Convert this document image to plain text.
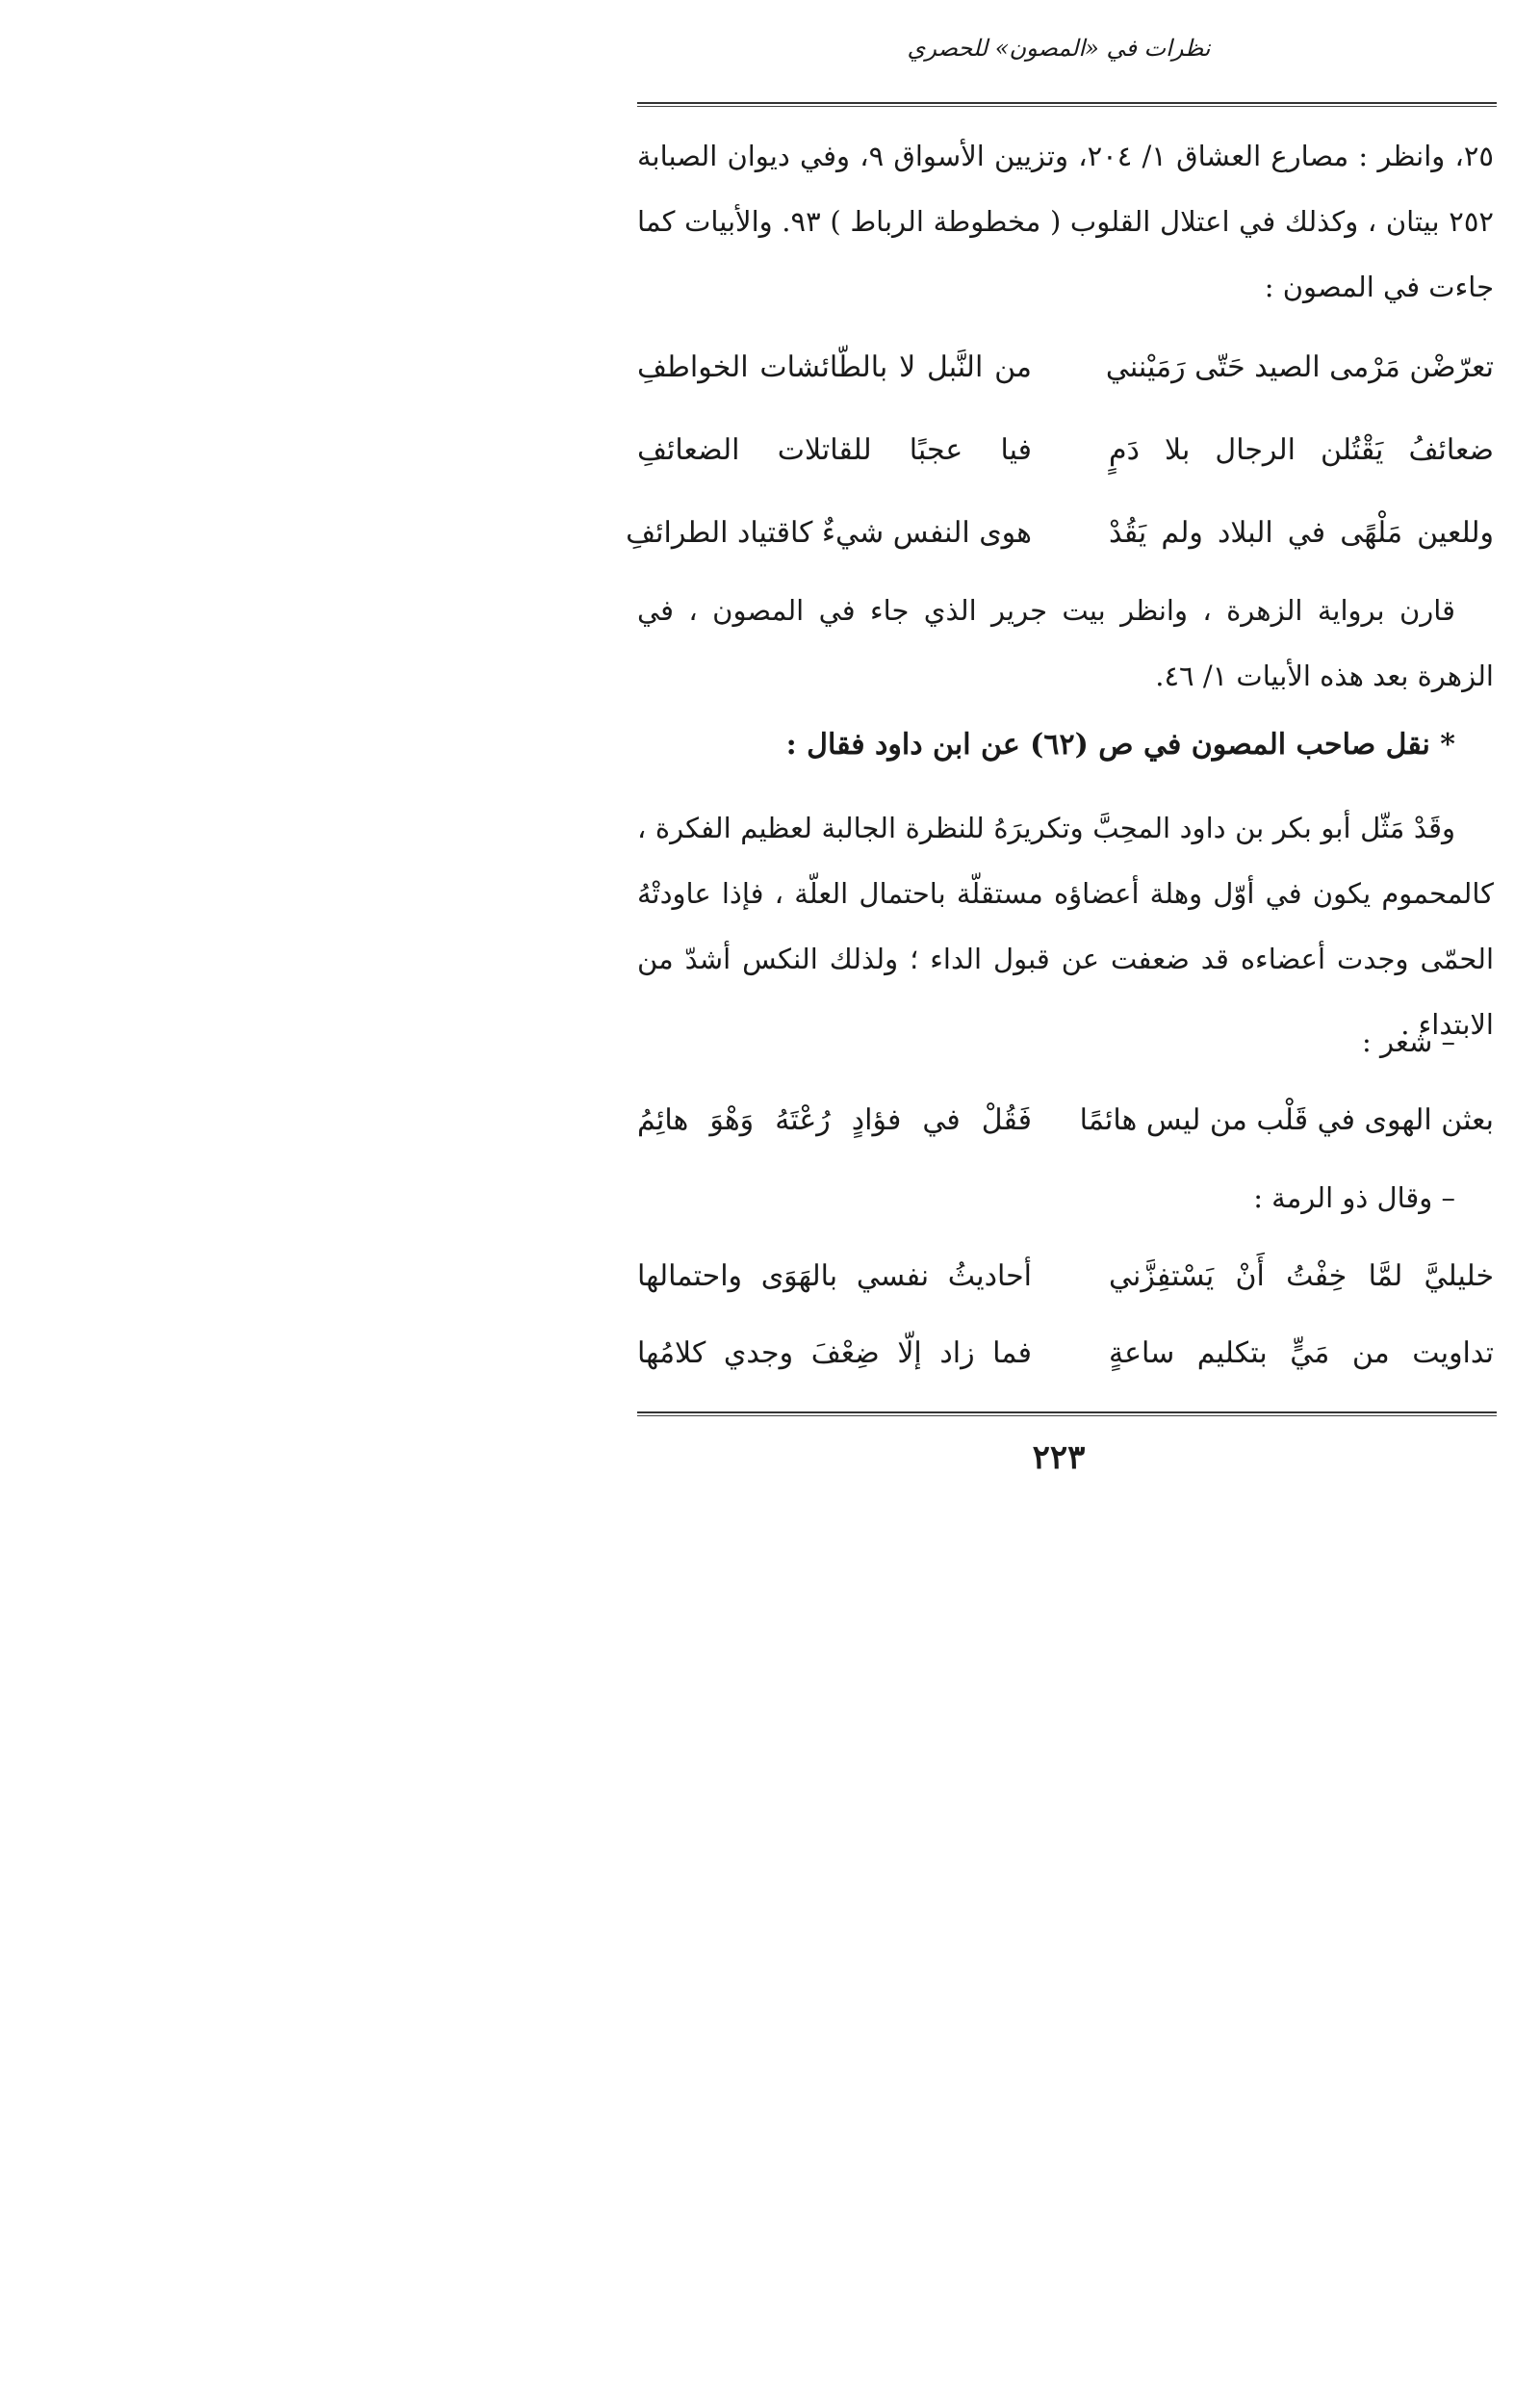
نظرات في «المصون» للحصري
٢٥، وانظر : مصارع العشاق ١/ ٢٠٤، وتزيين الأسواق ٩، وفي ديوان الصبابة ٢٥٢ بيتان ، وكذلك في اعتلال القلوب ( مخطوطة الرباط ) ٩٣. والأبيات كما جاءت في المصون :
تعرّضْن مَرْمى الصيد حَتّى رَمَيْنني
من النَّبل لا بالطّائشات الخواطفِ
ضعائفُ يَقْتُلن الرجال بلا دَمٍ
فيا عجبًا للقاتلات الضعائفِ
وللعين مَلْهًى في البلاد ولم يَقُدْ
هوى النفس شيءٌ كاقتياد الطرائفِ
قارن برواية الزهرة ، وانظر بيت جرير الذي جاء في المصون ، في الزهرة بعد هذه الأبيات ١/ ٤٦.
* نقل صاحب المصون في ص (٦٢) عن ابن داود فقال :
وقَدْ مَثّل أبو بكر بن داود المحِبَّ وتكريرَهُ للنظرة الجالبة لعظيم الفكرة ، كالمحموم يكون في أوّل وهلة أعضاؤه مستقلّة باحتمال العلّة ، فإذا عاودتْهُ الحمّى وجدت أعضاءه قد ضعفت عن قبول الداء ؛ ولذلك النكس أشدّ من الابتداء .
– شعر :
بعثن الهوى في قَلْب من ليس هائمًا
فَقُلْ في فؤادٍ رُعْتَهُ وَهْوَ هائِمُ
– وقال ذو الرمة :
خليليَّ لمَّا خِفْتُ أَنْ يَسْتفِزَّني
أحاديثُ نفسي بالهَوَى واحتمالها
تداويت من مَيٍّ بتكليم ساعةٍ
فما زاد إلّا ضِعْفَ وجدي كلامُها
٢٢٣
